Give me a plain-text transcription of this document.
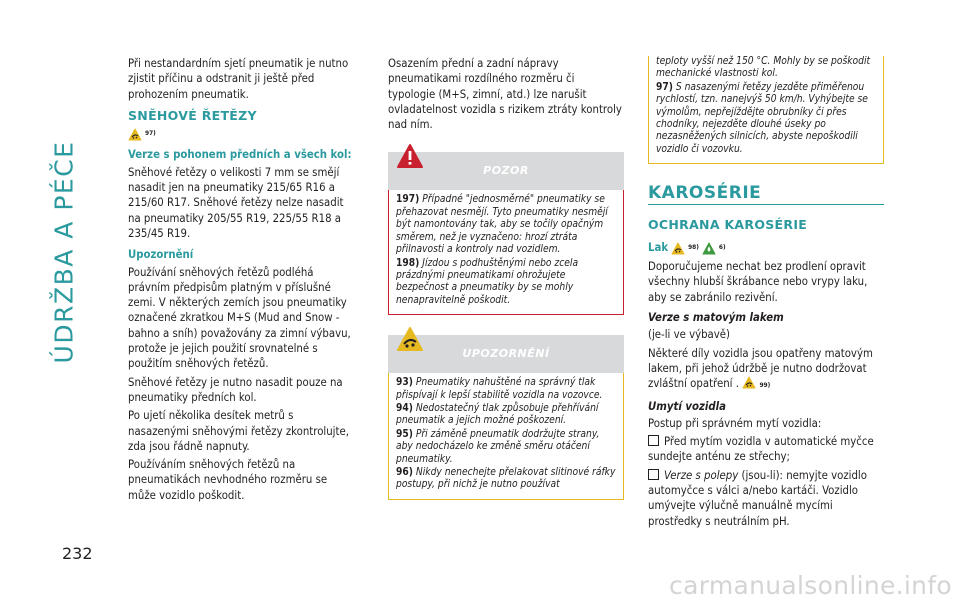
ÚDRŽBA A PÉČE
232

Při nestandardním sjetí pneumatik je nutno zjistit příčinu a odstranit ji ještě před prohozením pneumatik.

SNĚHOVÉ ŘETĚZY
97)
Verze s pohonem předních a všech kol:

Sněhové řetězy o velikosti 7 mm se smějí nasadit jen na pneumatiky 215/65 R16 a 215/60 R17. Sněhové řetězy nelze nasadit na pneumatiky 205/55 R19, 225/55 R18 a 235/45 R19.

Upozornění

Používání sněhových řetězů podléhá právním předpisům platným v příslušné zemi. V některých zemích jsou pneumatiky označené zkratkou M+S (Mud and Snow - bahno a sníh) považovány za zimní výbavu, protože je jejich použití srovnatelné s použitím sněhových řetězů.

Sněhové řetězy je nutno nasadit pouze na pneumatiky předních kol.

Po ujetí několika desítek metrů s nasazenými sněhovými řetězy zkontrolujte, zda jsou řádně napnuty.

Používáním sněhových řetězů na pneumatikách nevhodného rozměru se může vozidlo poškodit.

Osazením přední a zadní nápravy pneumatikami rozdílného rozměru či typologie (M+S, zimní, atd.) lze narušit ovladatelnost vozidla s rizikem ztráty kontroly nad ním.

POZOR

197) Případné "jednosměrné" pneumatiky se přehazovat nesmějí. Tyto pneumatiky nesmějí být namontovány tak, aby se točily opačným směrem, než je vyznačeno: hrozí ztráta přilnavosti a kontroly nad vozidlem.

198) Jízdou s podhuštěnými nebo zcela prázdnými pneumatikami ohrožujete bezpečnost a pneumatiky by se mohly nenapravitelně poškodit.

UPOZORNĚNÍ

93) Pneumatiky nahuštěné na správný tlak přispívají k lepší stabilitě vozidla na vozovce.

94) Nedostatečný tlak způsobuje přehřívání pneumatik a jejich možné poškození.

95) Při záměně pneumatik dodržujte strany, aby nedocházelo ke změně směru otáčení pneumatiky.

96) Nikdy nenechejte přelakovat slitinové ráfky postupy, při nichž je nutno používat

teploty vyšší než 150 °C. Mohly by se poškodit mechanické vlastnosti kol.

97) S nasazenými řetězy jezděte přiměřenou rychlostí, tzn. nanejvýš 50 km/h. Vyhýbejte se výmolům, nepřejíždějte obrubníky či přes chodníky, nejezděte dlouhé úseky po nezasněžených silnicích, abyste nepoškodili vozidlo či vozovku.

KAROSÉRIE
OCHRANA KAROSÉRIE
Lak	98)	6)

Doporučujeme nechat bez prodlení opravit všechny hlubší škrábance nebo vrypy laku, aby se zabránilo rezivění.

Verze s matovým lakem

(je-li ve výbavě)

Některé díly vozidla jsou opatřeny matovým lakem, při jehož údržbě je nutno dodržovat zvláštní opatření .	99)

Umytí vozidla

Postup při správném mytí vozidla:

Před mytím vozidla v automatické myčce sundejte anténu ze střechy;

Verze s polepy (jsou-li): nemyjte vozidlo automyčce s válci a/nebo kartáči. Vozidlo umývejte výlučně manuálně mycími prostředky s neutrálním pH.

carmanualsonline.info
